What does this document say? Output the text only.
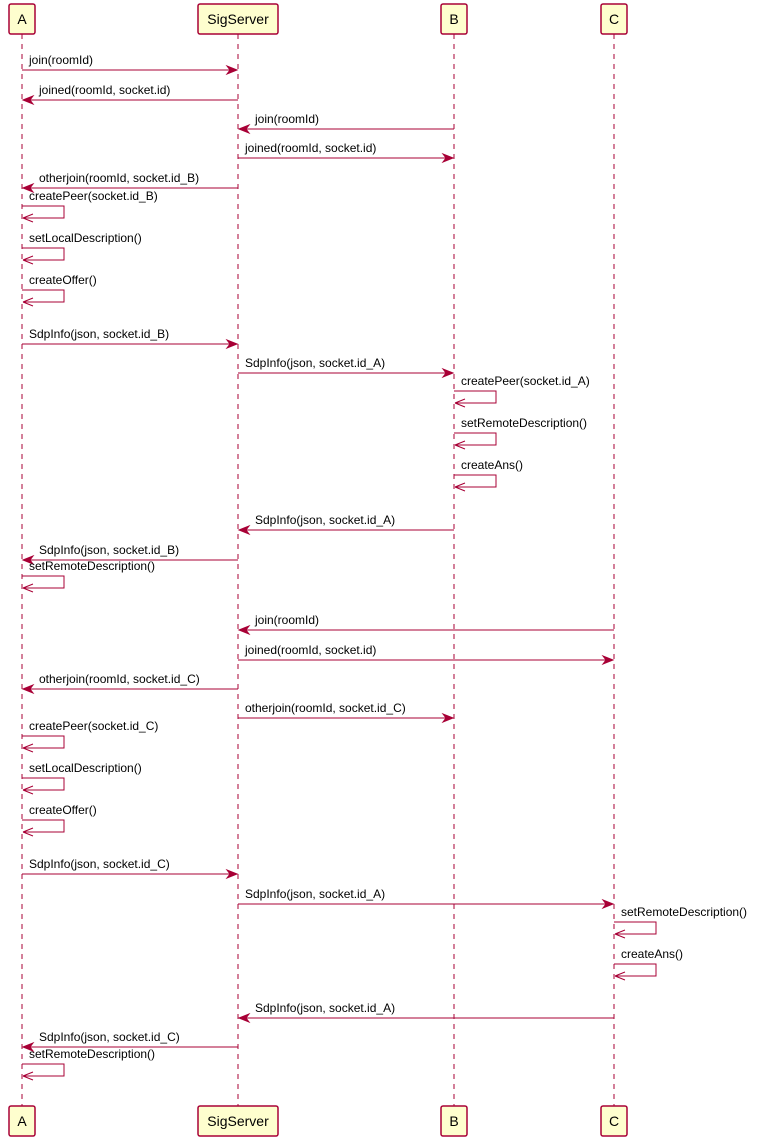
join(roomId)
joined(roomId, socket.id)
join(roomId)
joined(roomId, socket.id)
otherjoin(roomId, socket.id_B)
createPeer(socket.id_B)
setLocalDescription()
createOffer()
SdpInfo(json, socket.id_B)
SdpInfo(json, socket.id_A)
createPeer(socket.id_A)
setRemoteDescription()
createAns()
SdpInfo(json, socket.id_A)
SdpInfo(json, socket.id_B)
setRemoteDescription()
join(roomId)
joined(roomId, socket.id)
otherjoin(roomId, socket.id_C)
otherjoin(roomId, socket.id_C)
createPeer(socket.id_C)
setLocalDescription()
createOffer()
SdpInfo(json, socket.id_C)
SdpInfo(json, socket.id_A)
setRemoteDescription()
createAns()
SdpInfo(json, socket.id_A)
SdpInfo(json, socket.id_C)
setRemoteDescription()
A
A
SigServer
SigServer
B
B
C
C
